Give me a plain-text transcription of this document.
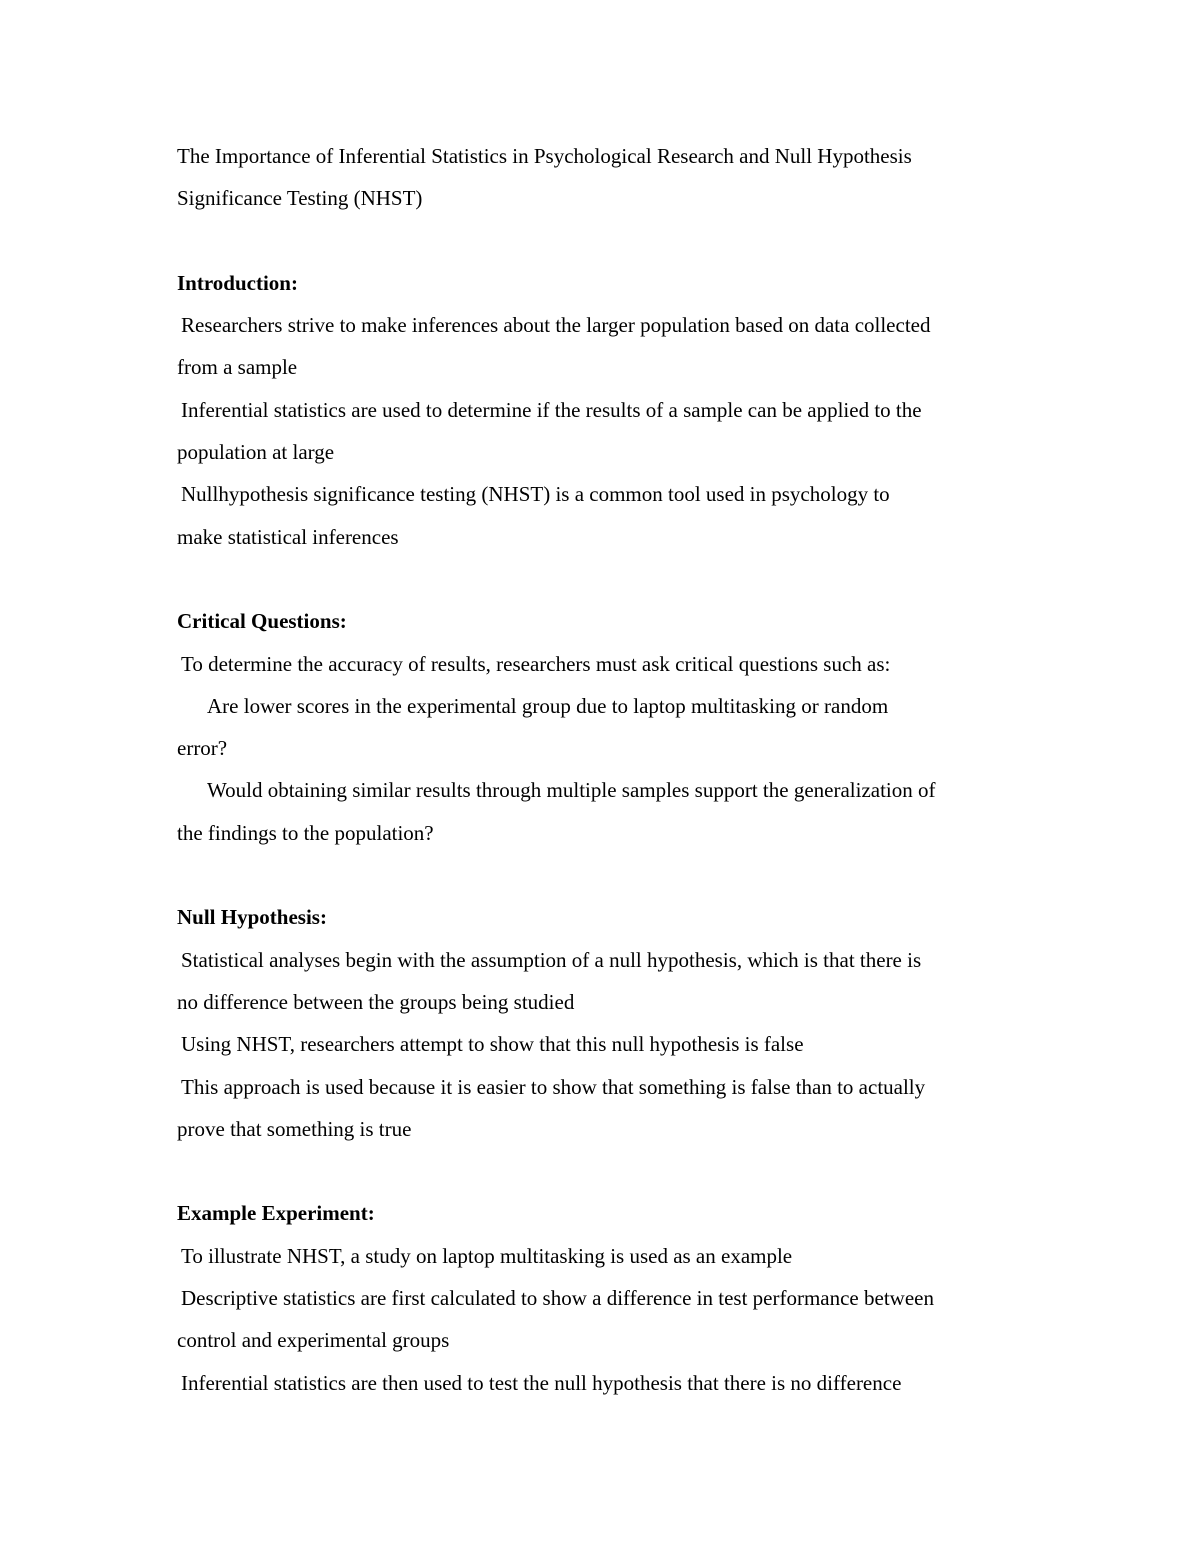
The Importance of Inferential Statistics in Psychological Research and Null Hypothesis
Significance Testing (NHST)
Introduction:
Researchers strive to make inferences about the larger population based on data collected
from a sample
Inferential statistics are used to determine if the results of a sample can be applied to the
population at large
Nullhypothesis significance testing (NHST) is a common tool used in psychology to
make statistical inferences
Critical Questions:
To determine the accuracy of results, researchers must ask critical questions such as:
Are lower scores in the experimental group due to laptop multitasking or random
error?
Would obtaining similar results through multiple samples support the generalization of
the findings to the population?
Null Hypothesis:
Statistical analyses begin with the assumption of a null hypothesis, which is that there is
no difference between the groups being studied
Using NHST, researchers attempt to show that this null hypothesis is false
This approach is used because it is easier to show that something is false than to actually
prove that something is true
Example Experiment:
To illustrate NHST, a study on laptop multitasking is used as an example
Descriptive statistics are first calculated to show a difference in test performance between
control and experimental groups
Inferential statistics are then used to test the null hypothesis that there is no difference
